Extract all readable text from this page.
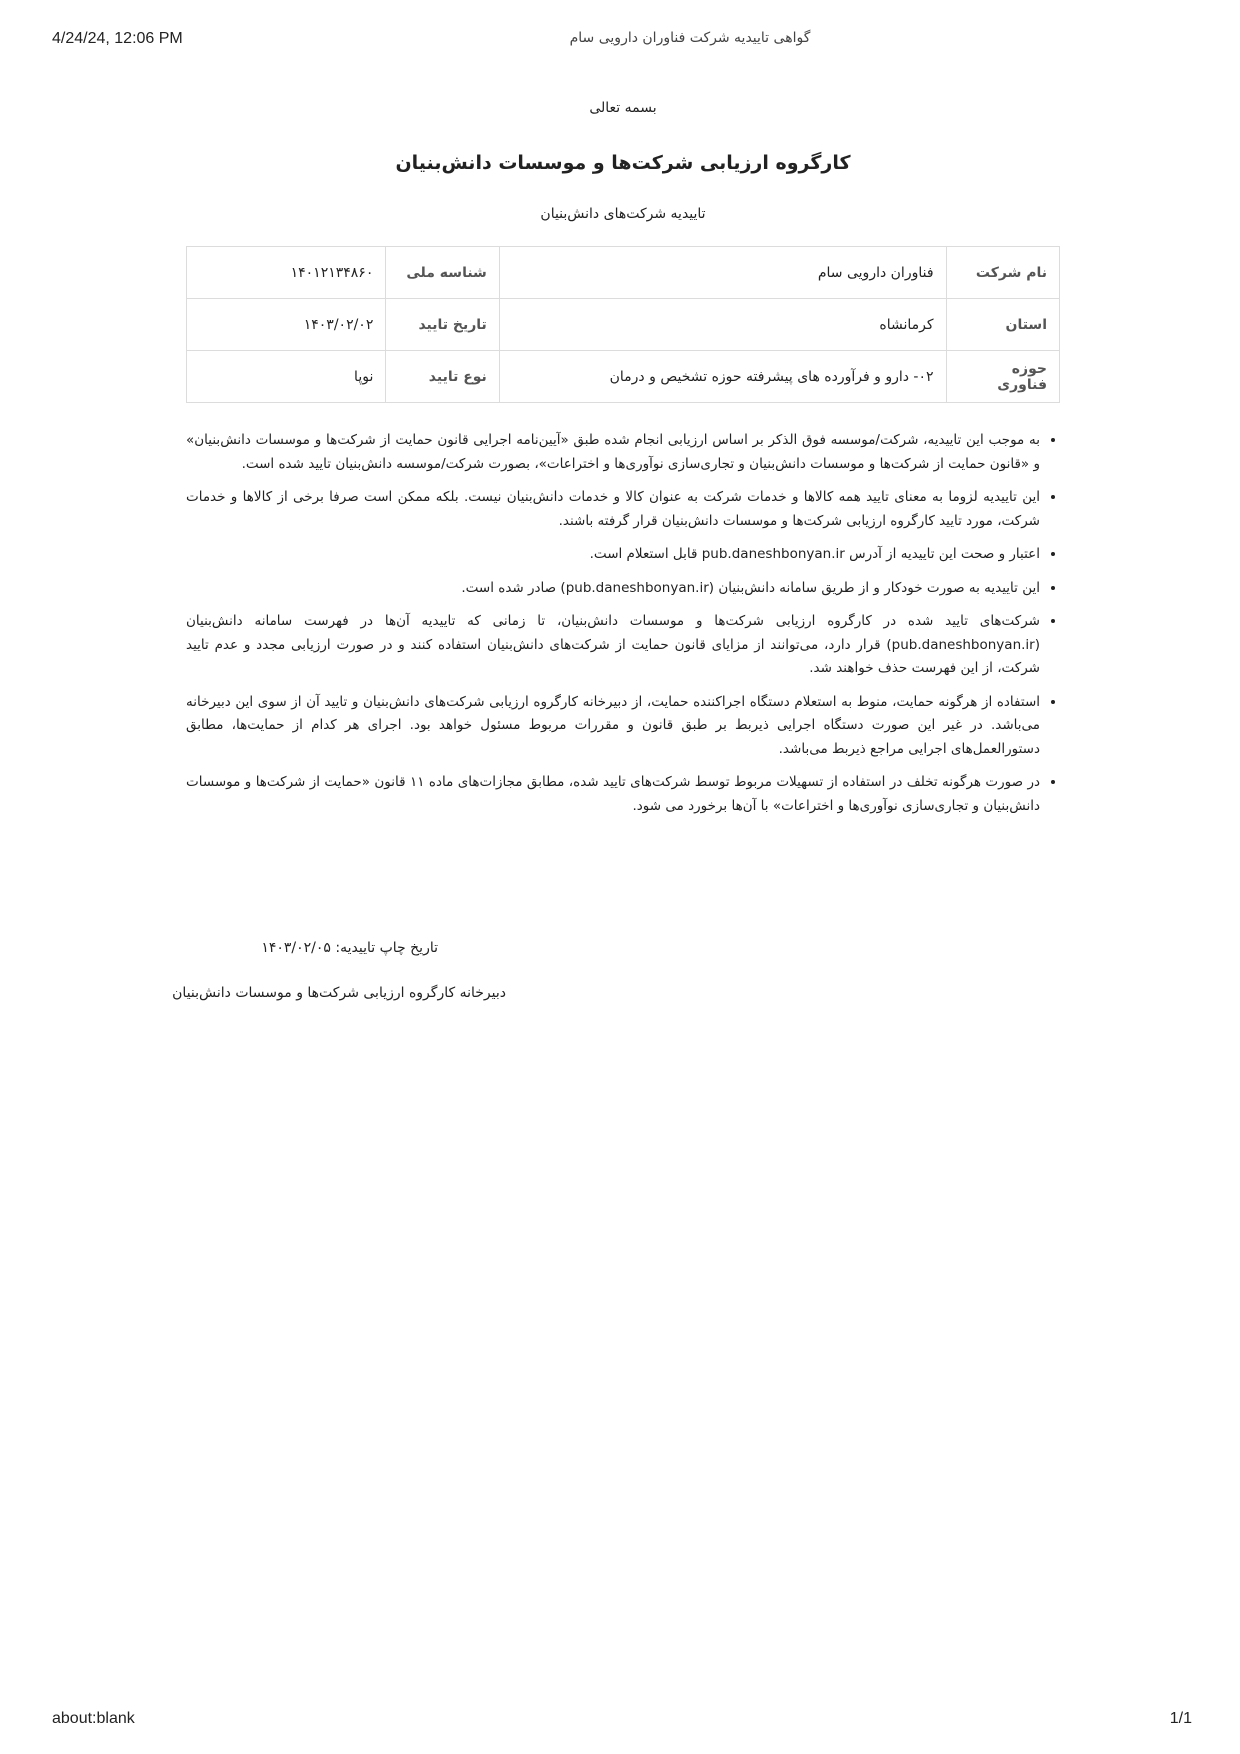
4/24/24, 12:06 PM	گواهی تاییدیه شرکت فناوران دارویی سام

بسمه تعالی

کارگروه ارزیابی شرکت‌ها و موسسات دانش‌بنیان

تاییدیه شرکت‌های دانش‌بنیان

نام شرکت	فناوران دارویی سام	شناسه ملی	۱۴۰۱۲۱۳۴۸۶۰
استان	کرمانشاه	تاریخ تایید	۱۴۰۳/۰۲/۰۲
حوزه فناوری	۰۲- دارو و فرآورده های پیشرفته حوزه تشخیص و درمان	نوع تایید	نوپا
• به موجب این تاییدیه، شرکت/موسسه فوق الذکر بر اساس ارزیابی انجام شده طبق «آیین‌نامه اجرایی قانون حمایت از شرکت‌ها و موسسات دانش‌بنیان» و «قانون حمایت از شرکت‌ها و موسسات دانش‌بنیان و تجاری‌سازی نوآوری‌ها و اختراعات»، بصورت شرکت/موسسه دانش‌بنیان تایید شده است.
• این تاییدیه لزوما به معنای تایید همه کالاها و خدمات شرکت به عنوان کالا و خدمات دانش‌بنیان نیست. بلکه ممکن است صرفا برخی از کالاها و خدمات شرکت، مورد تایید کارگروه ارزیابی شرکت‌ها و موسسات دانش‌بنیان قرار گرفته باشند.
• اعتبار و صحت این تاییدیه از آدرس pub.daneshbonyan.ir قابل استعلام است.
• این تاییدیه به صورت خودکار و از طریق سامانه دانش‌بنیان (pub.daneshbonyan.ir) صادر شده است.
• شرکت‌های تایید شده در کارگروه ارزیابی شرکت‌ها و موسسات دانش‌بنیان، تا زمانی که تاییدیه آن‌ها در فهرست سامانه دانش‌بنیان (pub.daneshbonyan.ir) قرار دارد، می‌توانند از مزایای قانون حمایت از شرکت‌های دانش‌بنیان استفاده کنند و در صورت ارزیابی مجدد و عدم تایید شرکت، از این فهرست حذف خواهند شد.
• استفاده از هرگونه حمایت، منوط به استعلام دستگاه اجراکننده حمایت، از دبیرخانه کارگروه ارزیابی شرکت‌های دانش‌بنیان و تایید آن از سوی این دبیرخانه می‌باشد. در غیر این صورت دستگاه اجرایی ذیربط بر طبق قانون و مقررات مربوط مسئول خواهد بود. اجرای هر کدام از حمایت‌ها، مطابق دستورالعمل‌های اجرایی مراجع ذیربط می‌باشد.
• در صورت هرگونه تخلف در استفاده از تسهیلات مربوط توسط شرکت‌های تایید شده، مطابق مجازات‌های ماده ۱۱ قانون «حمایت از شرکت‌ها و موسسات دانش‌بنیان و تجاری‌سازی نوآوری‌ها و اختراعات» با آن‌ها برخورد می شود.
تاریخ چاپ تاییدیه: ۱۴۰۳/۰۲/۰۵
دبیرخانه کارگروه ارزیابی شرکت‌ها و موسسات دانش‌بنیان
about:blank	1/1
